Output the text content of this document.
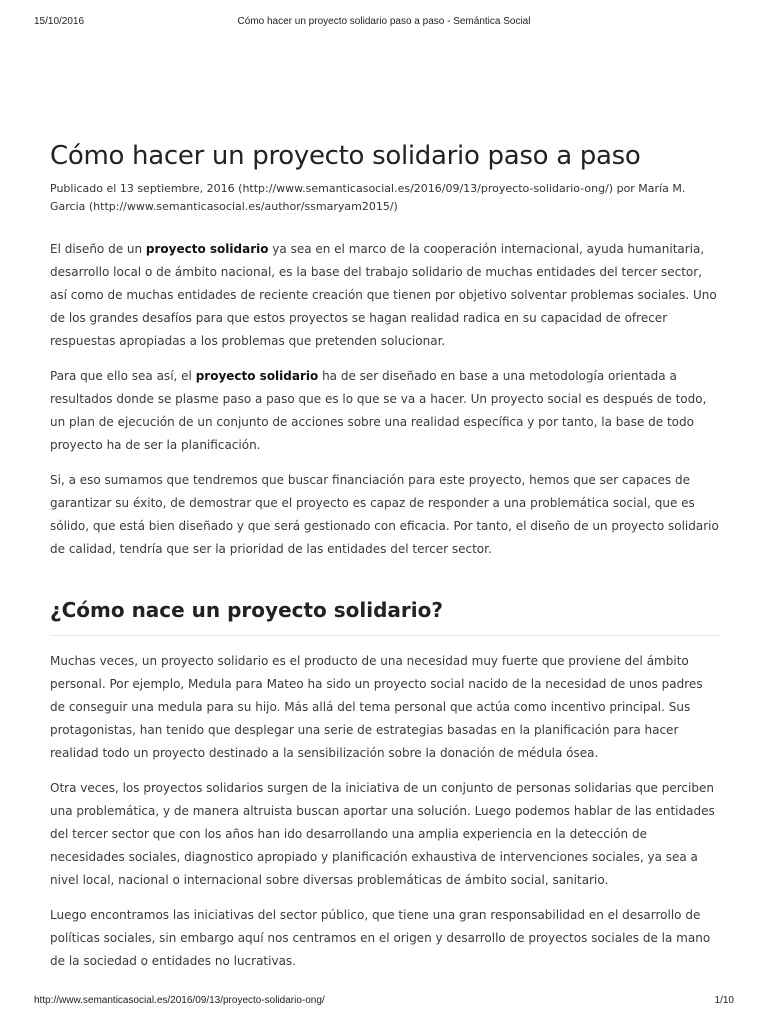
15/10/2016	Cómo hacer un proyecto solidario paso a paso - Semántica Social
Cómo hacer un proyecto solidario paso a paso
Publicado el 13 septiembre, 2016 (http://www.semanticasocial.es/2016/09/13/proyecto-solidario-ong/) por María M. Garcia (http://www.semanticasocial.es/author/ssmaryam2015/)

El diseño de un proyecto solidario ya sea en el marco de la cooperación internacional, ayuda humanitaria, desarrollo local o de ámbito nacional, es la base del trabajo solidario de muchas entidades del tercer sector, así como de muchas entidades de reciente creación que tienen por objetivo solventar problemas sociales. Uno de los grandes desafíos para que estos proyectos se hagan realidad radica en su capacidad de ofrecer respuestas apropiadas a los problemas que pretenden solucionar.

Para que ello sea así, el proyecto solidario ha de ser diseñado en base a una metodología orientada a resultados donde se plasme paso a paso que es lo que se va a hacer. Un proyecto social es después de todo, un plan de ejecución de un conjunto de acciones sobre una realidad específica y por tanto, la base de todo proyecto ha de ser la planificación.

Si, a eso sumamos que tendremos que buscar financiación para este proyecto, hemos que ser capaces de garantizar su éxito, de demostrar que el proyecto es capaz de responder a una problemática social, que es sólido, que está bien diseñado y que será gestionado con eficacia. Por tanto, el diseño de un proyecto solidario de calidad, tendría que ser la prioridad de las entidades del tercer sector.

¿Cómo nace un proyecto solidario?

Muchas veces, un proyecto solidario es el producto de una necesidad muy fuerte que proviene del ámbito personal. Por ejemplo, Medula para Mateo ha sido un proyecto social nacido de la necesidad de unos padres de conseguir una medula para su hijo. Más allá del tema personal que actúa como incentivo principal. Sus protagonistas, han tenido que desplegar una serie de estrategias basadas en la planificación para hacer realidad todo un proyecto destinado a la sensibilización sobre la donación de médula ósea.

Otra veces, los proyectos solidarios surgen de la iniciativa de un conjunto de personas solidarias que perciben una problemática, y de manera altruista buscan aportar una solución. Luego podemos hablar de las entidades del tercer sector que con los años han ido desarrollando una amplia experiencia en la detección de necesidades sociales, diagnostico apropiado y planificación exhaustiva de intervenciones sociales, ya sea a nivel local, nacional o internacional sobre diversas problemáticas de ámbito social, sanitario.

Luego encontramos las iniciativas del sector público, que tiene una gran responsabilidad en el desarrollo de políticas sociales, sin embargo aquí nos centramos en el origen y desarrollo de proyectos sociales de la mano de la sociedad o entidades no lucrativas.

http://www.semanticasocial.es/2016/09/13/proyecto-solidario-ong/	1/10
